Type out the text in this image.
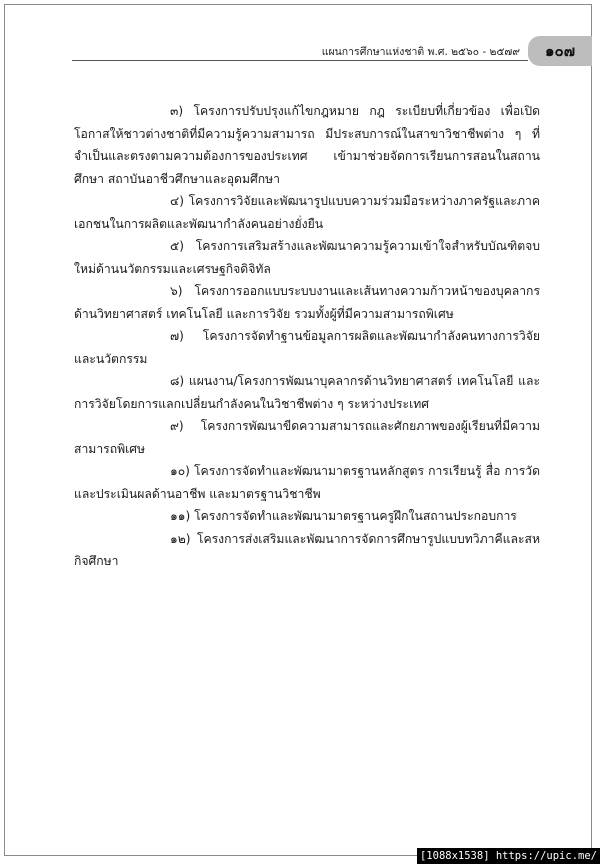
แผนการศึกษาแห่งชาติ พ.ศ. ๒๕๖๐ - ๒๕๗๙ ๑๐๗

๓) โครงการปรับปรุงแก้ไขกฎหมาย กฎ ระเบียบที่เกี่ยวข้อง เพื่อเปิดโอกาสให้ชาวต่างชาติที่มีความรู้ความสามารถ มีประสบการณ์ในสาขาวิชาชีพต่าง ๆ ที่จำเป็นและตรงตามความต้องการของประเทศ เข้ามาช่วยจัดการเรียนการสอนในสถานศึกษา สถาบันอาชีวศึกษาและอุดมศึกษา

๔) โครงการวิจัยและพัฒนารูปแบบความร่วมมือระหว่างภาครัฐและภาคเอกชนในการผลิตและพัฒนากำลังคนอย่างยั่งยืน

๕) โครงการเสริมสร้างและพัฒนาความรู้ความเข้าใจสำหรับบัณฑิตจบใหม่ด้านนวัตกรรมและเศรษฐกิจดิจิทัล

๖) โครงการออกแบบระบบงานและเส้นทางความก้าวหน้าของบุคลากรด้านวิทยาศาสตร์ เทคโนโลยี และการวิจัย รวมทั้งผู้ที่มีความสามารถพิเศษ

๗) โครงการจัดทำฐานข้อมูลการผลิตและพัฒนากำลังคนทางการวิจัยและนวัตกรรม

๘) แผนงาน/โครงการพัฒนาบุคลากรด้านวิทยาศาสตร์ เทคโนโลยี และการวิจัยโดยการแลกเปลี่ยนกำลังคนในวิชาชีพต่าง ๆ ระหว่างประเทศ

๙) โครงการพัฒนาขีดความสามารถและศักยภาพของผู้เรียนที่มีความสามารถพิเศษ

๑๐) โครงการจัดทำและพัฒนามาตรฐานหลักสูตร การเรียนรู้ สื่อ การวัดและประเมินผลด้านอาชีพ และมาตรฐานวิชาชีพ

๑๑) โครงการจัดทำและพัฒนามาตรฐานครูฝึกในสถานประกอบการ

๑๒) โครงการส่งเสริมและพัฒนาการจัดการศึกษารูปแบบทวิภาคีและสหกิจศึกษา

[1088x1538] https://upic.me/
